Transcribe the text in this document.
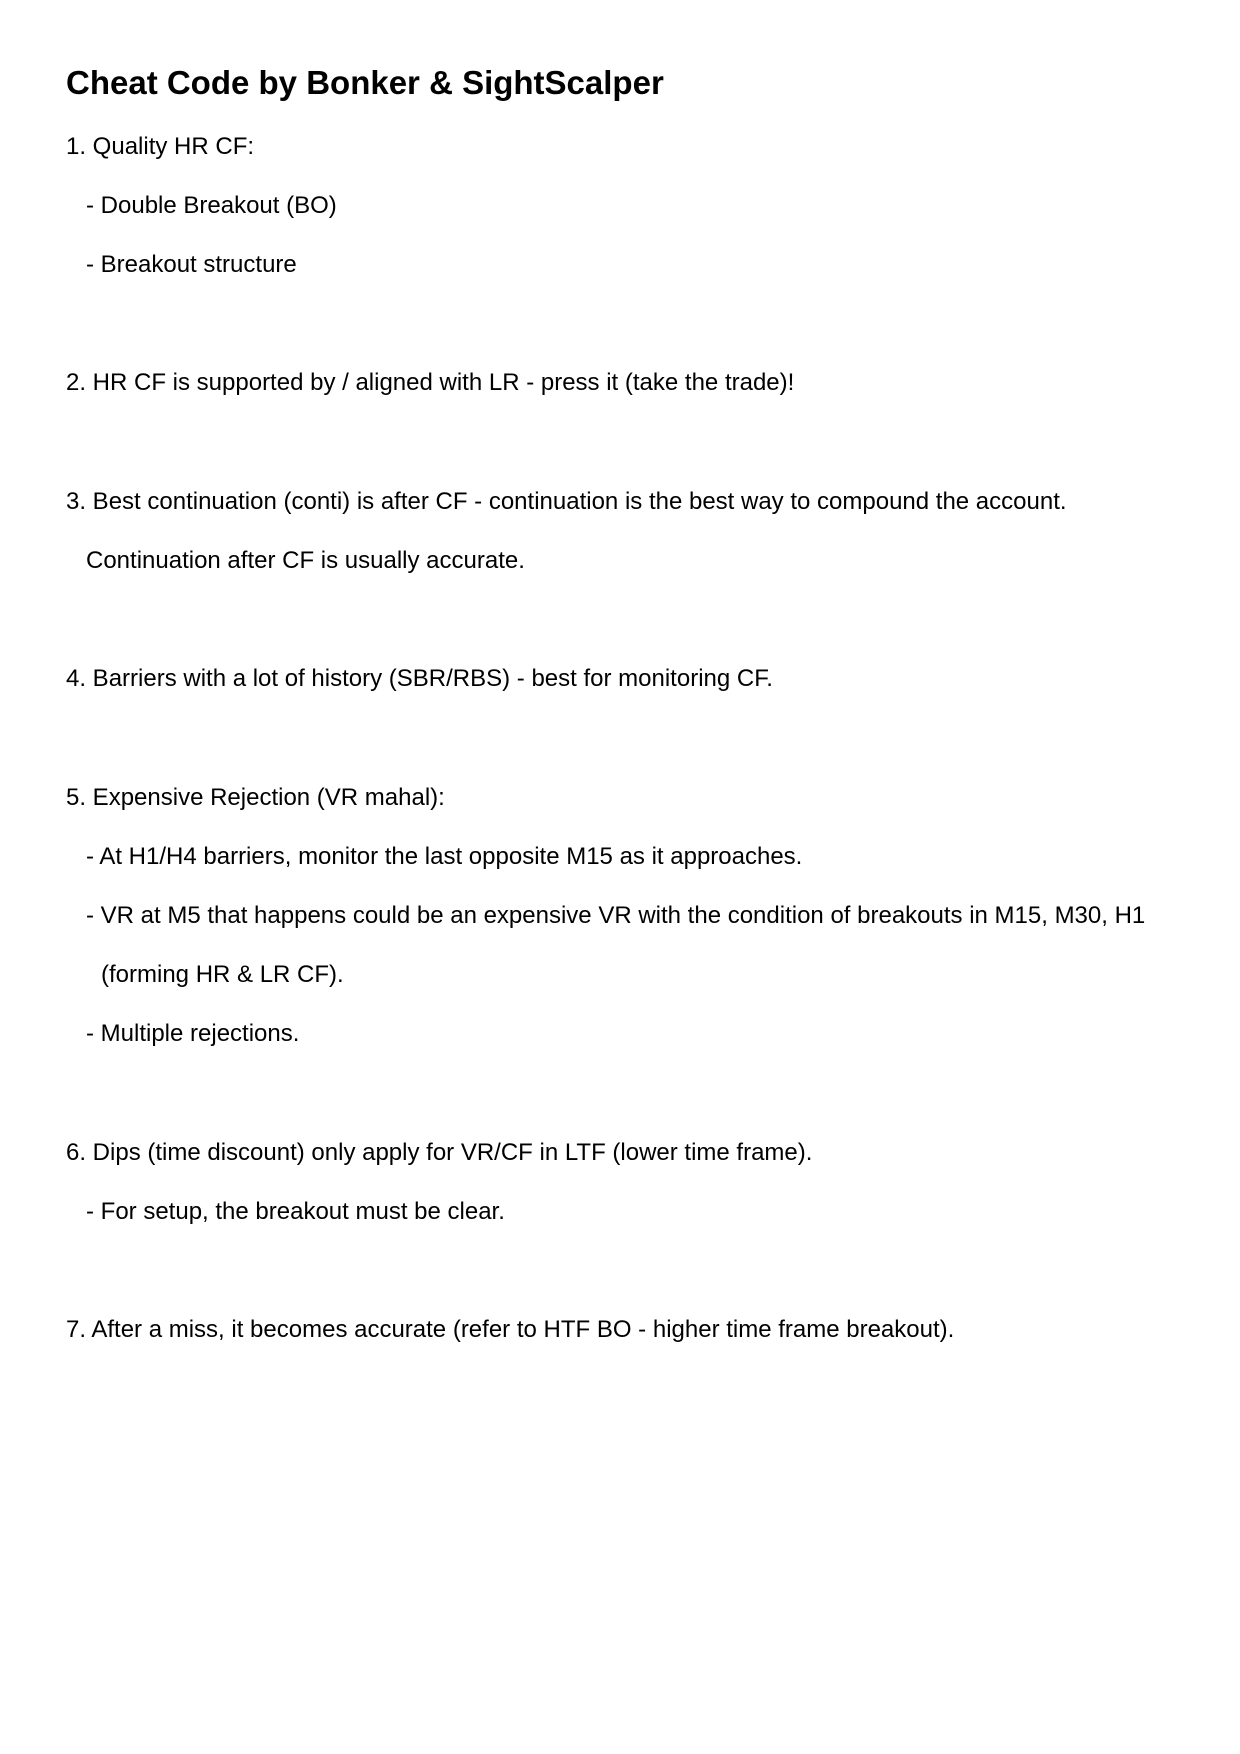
Cheat Code by Bonker & SightScalper
1. Quality HR CF:
- Double Breakout (BO)
- Breakout structure
2. HR CF is supported by / aligned with LR - press it (take the trade)!
3. Best continuation (conti) is after CF - continuation is the best way to compound the account.
Continuation after CF is usually accurate.
4. Barriers with a lot of history (SBR/RBS) - best for monitoring CF.
5. Expensive Rejection (VR mahal):
- At H1/H4 barriers, monitor the last opposite M15 as it approaches.
- VR at M5 that happens could be an expensive VR with the condition of breakouts in M15, M30, H1
(forming HR & LR CF).
- Multiple rejections.
6. Dips (time discount) only apply for VR/CF in LTF (lower time frame).
- For setup, the breakout must be clear.
7. After a miss, it becomes accurate (refer to HTF BO - higher time frame breakout).
